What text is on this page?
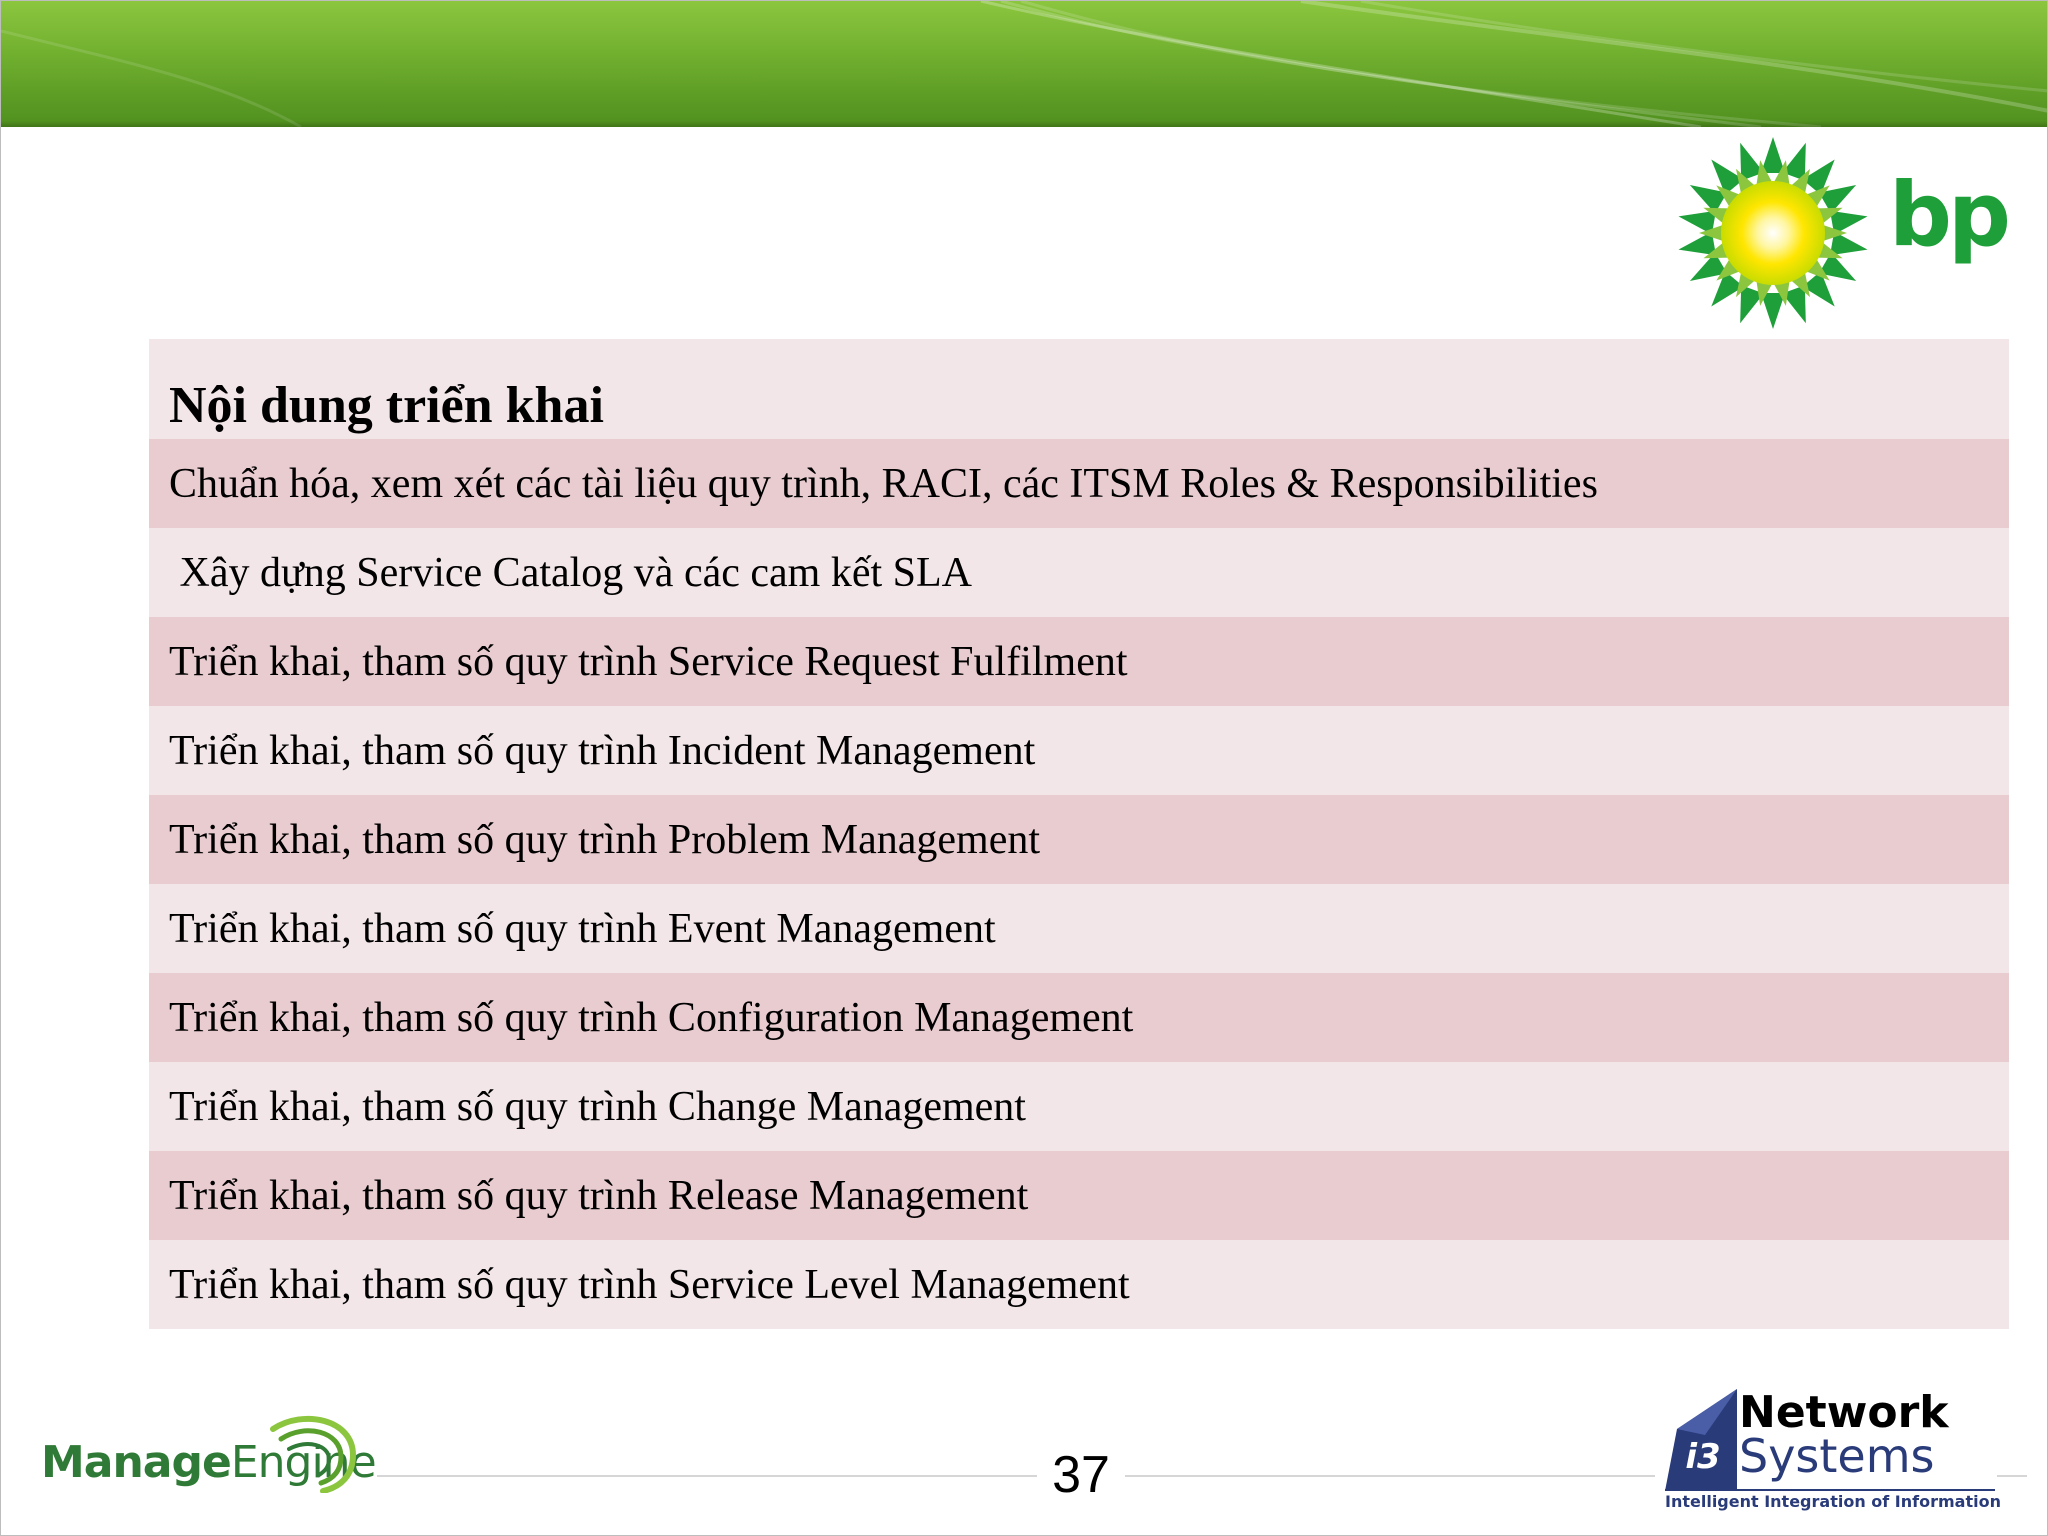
bp
Nội dung triển khai
Chuẩn hóa, xem xét các tài liệu quy trình, RACI, các ITSM Roles & Responsibilities
Xây dựng Service Catalog và các cam kết SLA
Triển khai, tham số quy trình Service Request Fulfilment
Triển khai, tham số quy trình Incident Management
Triển khai, tham số quy trình Problem Management
Triển khai, tham số quy trình Event Management
Triển khai, tham số quy trình Configuration Management
Triển khai, tham số quy trình Change Management
Triển khai, tham số quy trình Release Management
Triển khai, tham số quy trình Service Level Management
37
ManageEngine	i3
Network
Systems
Intelligent Integration of Information
